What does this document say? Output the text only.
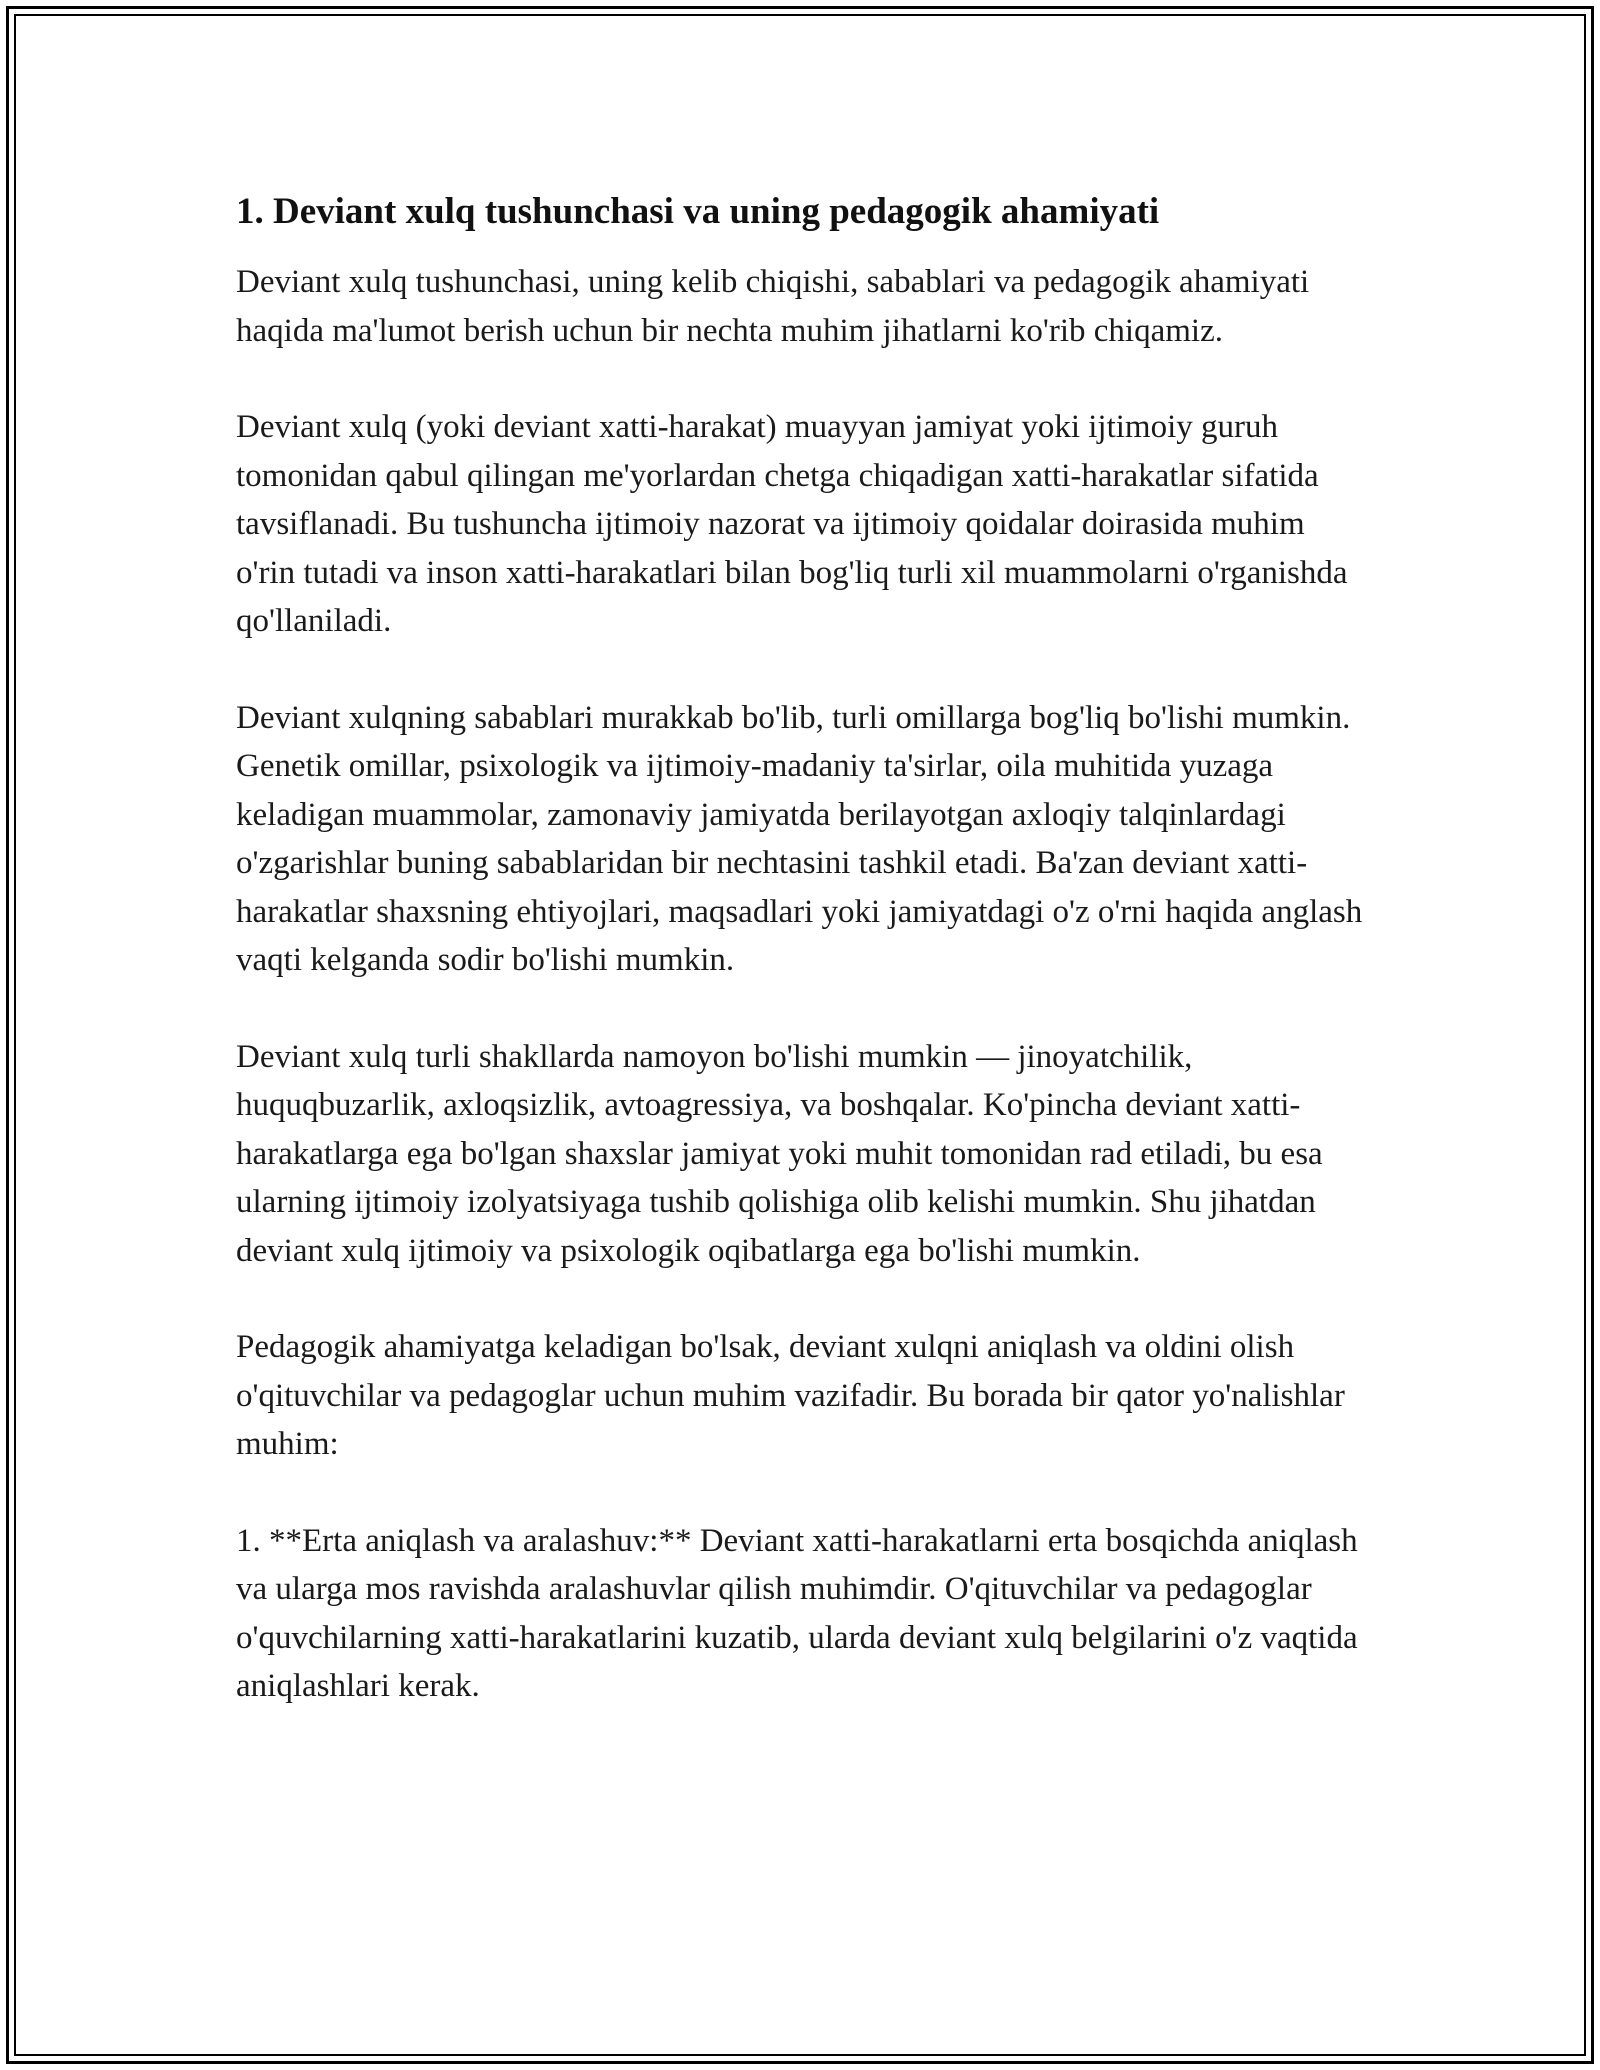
1. Deviant xulq tushunchasi va uning pedagogik ahamiyati

Deviant xulq tushunchasi, uning kelib chiqishi, sabablari va pedagogik ahamiyati haqida ma'lumot berish uchun bir nechta muhim jihatlarni ko'rib chiqamiz.

Deviant xulq (yoki deviant xatti-harakat) muayyan jamiyat yoki ijtimoiy guruh tomonidan qabul qilingan me'yorlardan chetga chiqadigan xatti-harakatlar sifatida tavsiflanadi. Bu tushuncha ijtimoiy nazorat va ijtimoiy qoidalar doirasida muhim o'rin tutadi va inson xatti-harakatlari bilan bog'liq turli xil muammolarni o'rganishda qo'llaniladi.

Deviant xulqning sabablari murakkab bo'lib, turli omillarga bog'liq bo'lishi mumkin. Genetik omillar, psixologik va ijtimoiy-madaniy ta'sirlar, oila muhitida yuzaga keladigan muammolar, zamonaviy jamiyatda berilayotgan axloqiy talqinlardagi o'zgarishlar buning sabablaridan bir nechtasini tashkil etadi. Ba'zan deviant xatti-harakatlar shaxsning ehtiyojlari, maqsadlari yoki jamiyatdagi o'z o'rni haqida anglash vaqti kelganda sodir bo'lishi mumkin.

Deviant xulq turli shakllarda namoyon bo'lishi mumkin — jinoyatchilik, huquqbuzarlik, axloqsizlik, avtoagressiya, va boshqalar. Ko'pincha deviant xatti-harakatlarga ega bo'lgan shaxslar jamiyat yoki muhit tomonidan rad etiladi, bu esa ularning ijtimoiy izolyatsiyaga tushib qolishiga olib kelishi mumkin. Shu jihatdan deviant xulq ijtimoiy va psixologik oqibatlarga ega bo'lishi mumkin.

Pedagogik ahamiyatga keladigan bo'lsak, deviant xulqni aniqlash va oldini olish o'qituvchilar va pedagoglar uchun muhim vazifadir. Bu borada bir qator yo'nalishlar muhim:

1. **Erta aniqlash va aralashuv:** Deviant xatti-harakatlarni erta bosqichda aniqlash va ularga mos ravishda aralashuvlar qilish muhimdir. O'qituvchilar va pedagoglar o'quvchilarning xatti-harakatlarini kuzatib, ularda deviant xulq belgilarini o'z vaqtida aniqlashlari kerak.
